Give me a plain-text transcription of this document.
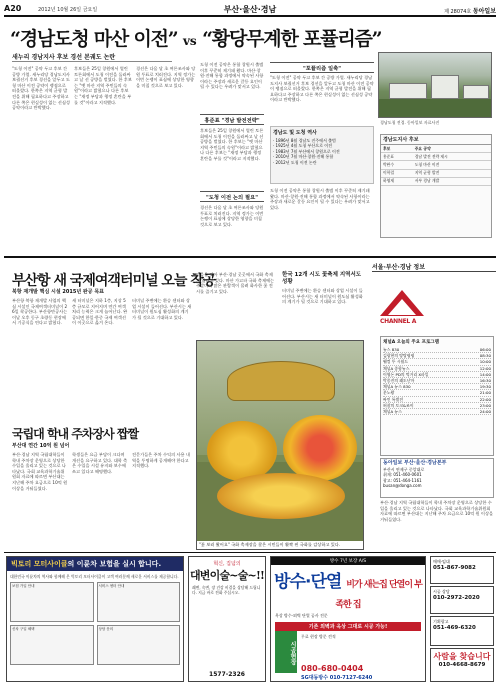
A20	2012년 10월 26일 금요일	부산·울산·경남	제 28074호 동아일보
“경남도청 마산 이전” vs “황당무계한 포퓰리즘”
새누리 경남지사 후보 경선 본궤도 논란
"도청 이전" 공약 두고 후보 간 공방 가열. 새누리당 경남도지사 보궐선거 후보 경선을 앞두고 도청 마산 이전 공약이 쟁점으로 떠올랐다. 한쪽은 지역 균형 발전을 위해 필요하다고 주장하고 다른 쪽은 현실성이 없는 선심성 공약이라고 반박했다.
후보들은 25일 창원에서 열린 토론회에서 도청 이전을 둘러싸고 날 선 공방을 벌였다. 한 후보는 "옛 마산 지역 주민들의 숙원"이라고 밝혔으나 다른 후보는 "재정 부담과 행정 혼란을 부를 것"이라고 지적했다.
경선은 다음 달 초 여론조사와 당원 투표로 치러진다. 지역 정가는 이번 논쟁이 표심에 상당한 영향을 미칠 것으로 보고 있다.
도청 이전 공약은 통합 창원시 출범 이후 꾸준히 제기돼 왔다. 마산·창원·진해 통합 과정에서 약속된 사항이라는 주장과 새로운 갈등 요인이 될 수 있다는 우려가 맞서고 있다.
홍준표 "경남 발전전략"
후보들은 25일 창원에서 열린 토론회에서 도청 이전을 둘러싸고 날 선 공방을 벌였다. 한 후보는 "옛 마산 지역 주민들의 숙원"이라고 밝혔으나 다른 후보는 "재정 부담과 행정 혼란을 부를 것"이라고 지적했다.
"도청 이전 논의 필요"
경선은 다음 달 초 여론조사와 당원 투표로 치러진다. 지역 정가는 이번 논쟁이 표심에 상당한 영향을 미칠 것으로 보고 있다.
"포퓰리즘 일축"
"도청 이전" 공약 두고 후보 간 공방 가열. 새누리당 경남도지사 보궐선거 후보 경선을 앞두고 도청 마산 이전 공약이 쟁점으로 떠올랐다. 한쪽은 지역 균형 발전을 위해 필요하다고 주장하고 다른 쪽은 현실성이 없는 선심성 공약이라고 반박했다.
경남도 및 도청 역사
· 1896년 8월 경남도 진주에서 출범
· 1925년 4월 도청 부산으로 이전
· 1983년 7월 부산에서 창원으로 이전
· 2010년 7월 마산·창원·진해 통합
· 2012년 도청 이전 논란
도청 이전 공약은 통합 창원시 출범 이후 꾸준히 제기돼 왔다. 마산·창원·진해 통합 과정에서 약속된 사항이라는 주장과 새로운 갈등 요인이 될 수 있다는 우려가 맞서고 있다.
경남도청 전경. 동아일보 자료사진
경남도지사 후보
후보	주요 공약
홍준표	경남 발전 전략 제시
박완수	도청 마산 이전
이학렬	지역 균형 발전
하영제	서부 경남 개발
부산항 새 국제여객터미널 오늘 착공
북항 재개발 핵심 시설 2015년 완공 목표
부산항 북항 재개발 사업의 핵심 시설인 국제여객터미널이 26일 착공한다. 부산항만공사는 이날 오후 동구 초량동 현장에서 기공식을 연다고 밝혔다.
새 터미널은 지하 1층, 지상 5층 규모로 지어지며 연간 여객 처리 능력은 크게 늘어난다. 완공되면 한일·한중 국제 여객선이 이곳으로 옮겨 온다.
터미널 주변에는 환승 센터와 상업 시설이 들어선다. 부산시는 새 터미널이 원도심 활성화의 계기가 될 것으로 기대하고 있다.
가을을 맞아 부산·경남 곳곳에서 국화 축제가 열리고 있다. 마산 가고파 국화 축제에는 주말마다 많은 관람객이 몰려 화사한 꽃 전시를 즐기고 있다.
한국 12개 시도 꽃축제 지역서도 성황
터미널 주변에는 환승 센터와 상업 시설이 들어선다. 부산시는 새 터미널이 원도심 활성화의 계기가 될 것으로 기대하고 있다.
국립대 학내 주차장사 짭짤
부산대 연간 10억 원 넘어
부산·경남 지역 국립대학들이 학내 주차장 운영으로 상당한 수입을 올리고 있는 것으로 나타났다. 국회 교육과학기술위원회 자료에 따르면 부산대는 지난해 주차 요금으로 10억 원 이상을 거둬들였다.
학생들은 요금 부담이 크다며 개선을 요구하고 있다. 대학 측은 수입을 시설 유지와 보수에 쓰고 있다고 해명했다.
전문가들은 주차 수익의 사용 내역을 투명하게 공개해야 한다고 지적했다.
"꽃 보러 왔어요" 국화 축제장을 찾은 시민들이 활짝 핀 국화를 감상하고 있다.
서울·부산·경남 정보
CHANNEL A
채널A 오늘의 주요 프로그램
뉴스 830	06:00
김광현의 탕탕평평	08:30
웰컴 투 시월드	10:00
채널A 종합뉴스	12:00
이영돈 PD의 먹거리 X파일	14:00
박종진의 쾌도난마	16:30
채널A 뉴스 830	19:30
분노왕	21:00
싸인 특별전	22:00
허참의 토크&조이	23:00
채널A 뉴스	24:00
동아일보 부산·울산·경남본부
부산시 연제구 중앙대로
취재: 051-460-0601
광고: 051-464-1161
busan@donga.com
부산·경남 지역 국립대학들이 학내 주차장 운영으로 상당한 수입을 올리고 있는 것으로 나타났다. 국회 교육과학기술위원회 자료에 따르면 부산대는 지난해 주차 요금으로 10억 원 이상을 거둬들였다.
빅토리 모터사이클의 이륜차 보험을 실시 합니다.
대한민국 이륜차의 역사와 함께해 온 빅토리 모터사이클이 고객 여러분께 새로운 서비스를 제공합니다.
보험 가입 안내	서비스 센터 안내
신차 구입 혜택	상담 문의
혁신, 집념의
대변이술~술~!!
쾌변, 숙변, 장 건강 비결을 상담해 드립니다. 지금 바로 전화 주십시오.
1577-2326
방수 7년 보장 A/S
방수·단열 비가 새는집 단열이 부족한 집
옥상 방수·외벽 단열 공사 전문
기존 외벽과 옥상 그대로 시공 가능!
무료 현장 방문 견적
시공현장
080-680-0404
SG대동방수 010-7127-6240
매매·임대
051-867-9082
시공 상담
010-2972-2020
기획광고
051-469-6320
사람을 찾습니다
010-4668-8679
